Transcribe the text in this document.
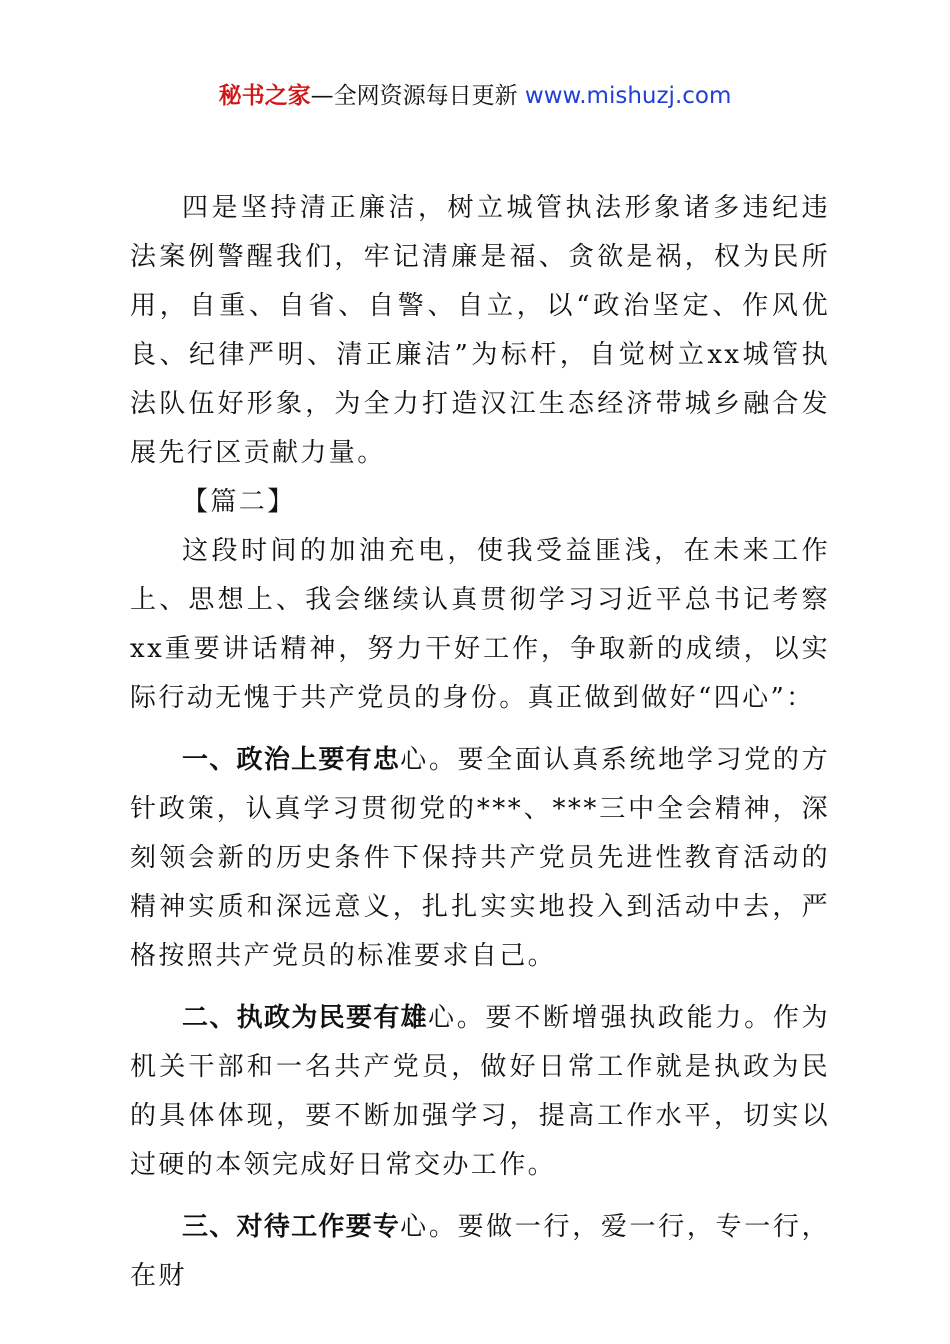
秘书之家—全网资源每日更新 www.mishuzj.com

四是坚持清正廉洁，树立城管执法形象诸多违纪违法案例警醒我们，牢记清廉是福、贪欲是祸，权为民所用，自重、自省、自警、自立，以“政治坚定、作风优良、纪律严明、清正廉洁”为标杆，自觉树立xx城管执法队伍好形象，为全力打造汉江生态经济带城乡融合发展先行区贡献力量。

【篇二】

这段时间的加油充电，使我受益匪浅，在未来工作上、思想上、我会继续认真贯彻学习习近平总书记考察xx重要讲话精神，努力干好工作，争取新的成绩，以实际行动无愧于共产党员的身份。真正做到做好“四心”：

一、政治上要有忠心。要全面认真系统地学习党的方针政策，认真学习贯彻党的***、***三中全会精神，深刻领会新的历史条件下保持共产党员先进性教育活动的精神实质和深远意义，扎扎实实地投入到活动中去，严格按照共产党员的标准要求自己。

二、执政为民要有雄心。要不断增强执政能力。作为机关干部和一名共产党员，做好日常工作就是执政为民的具体体现，要不断加强学习，提高工作水平，切实以过硬的本领完成好日常交办工作。

三、对待工作要专心。要做一行，爱一行，专一行，在财
